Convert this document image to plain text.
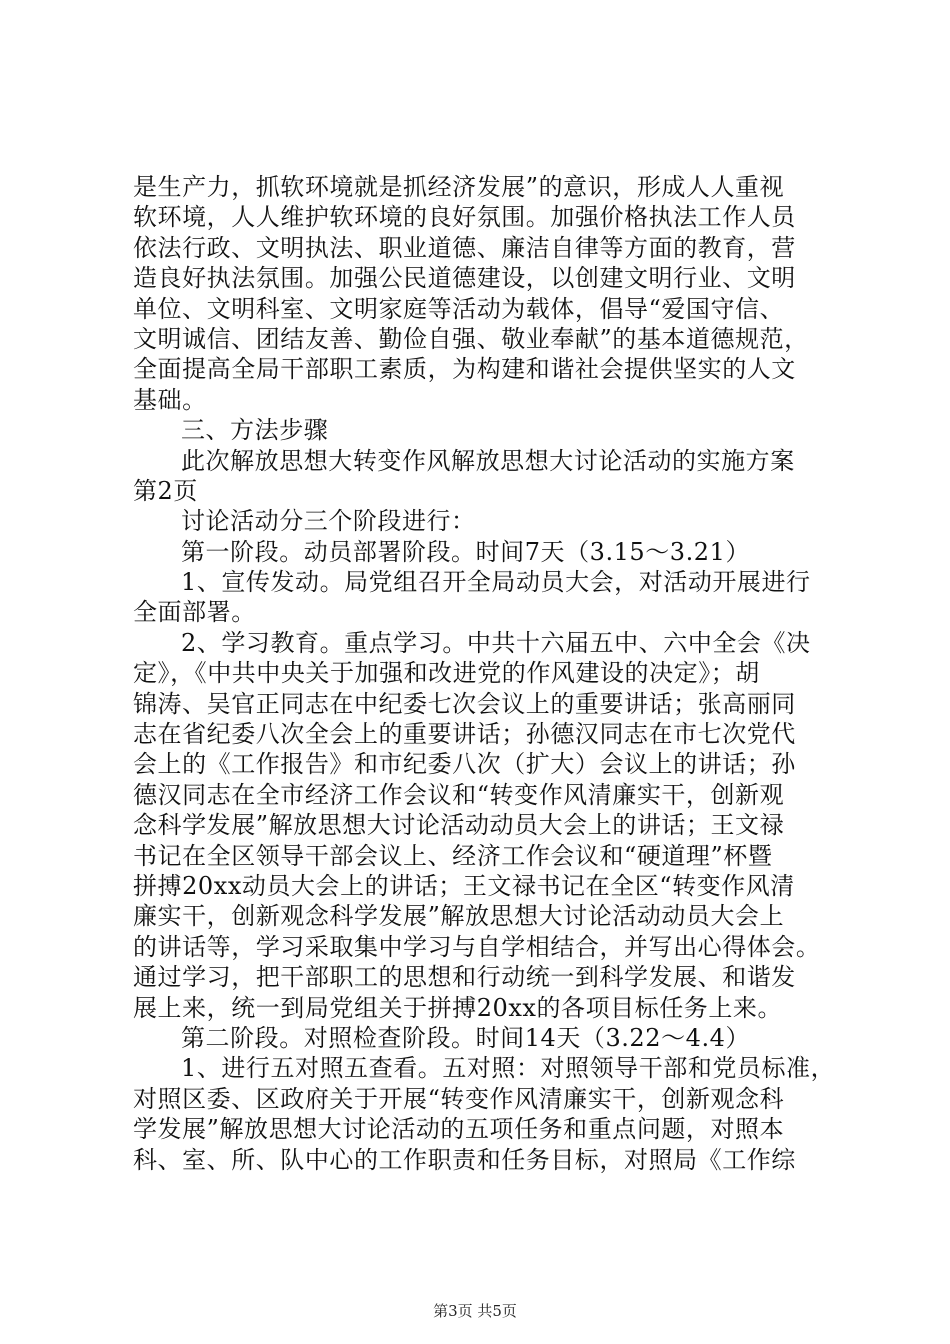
是生产力，抓软环境就是抓经济发展”的意识，形成人人重视
软环境，人人维护软环境的良好氛围。加强价格执法工作人员
依法行政、文明执法、职业道德、廉洁自律等方面的教育，营
造良好执法氛围。加强公民道德建设，以创建文明行业、文明
单位、文明科室、文明家庭等活动为载体，倡导“爱国守信、
文明诚信、团结友善、勤俭自强、敬业奉献”的基本道德规范，
全面提高全局干部职工素质，为构建和谐社会提供坚实的人文
基础。
三、方法步骤
此次解放思想大转变作风解放思想大讨论活动的实施方案
第2页
讨论活动分三个阶段进行：
第一阶段。动员部署阶段。时间7天（3.15～3.21）
1、宣传发动。局党组召开全局动员大会，对活动开展进行
全面部署。
2、学习教育。重点学习。中共十六届五中、六中全会《决
定》，《中共中央关于加强和改进党的作风建设的决定》；胡
锦涛、吴官正同志在中纪委七次会议上的重要讲话；张高丽同
志在省纪委八次全会上的重要讲话；孙德汉同志在市七次党代
会上的《工作报告》和市纪委八次（扩大）会议上的讲话；孙
德汉同志在全市经济工作会议和“转变作风清廉实干，创新观
念科学发展”解放思想大讨论活动动员大会上的讲话；王文禄
书记在全区领导干部会议上、经济工作会议和“硬道理”杯暨
拼搏20xx动员大会上的讲话；王文禄书记在全区“转变作风清
廉实干，创新观念科学发展”解放思想大讨论活动动员大会上
的讲话等，学习采取集中学习与自学相结合，并写出心得体会。
通过学习，把干部职工的思想和行动统一到科学发展、和谐发
展上来，统一到局党组关于拼搏20xx的各项目标任务上来。
第二阶段。对照检查阶段。时间14天（3.22～4.4）
1、进行五对照五查看。五对照：对照领导干部和党员标准，
对照区委、区政府关于开展“转变作风清廉实干，创新观念科
学发展”解放思想大讨论活动的五项任务和重点问题，对照本
科、室、所、队中心的工作职责和任务目标，对照局《工作综
第3页 共5页
